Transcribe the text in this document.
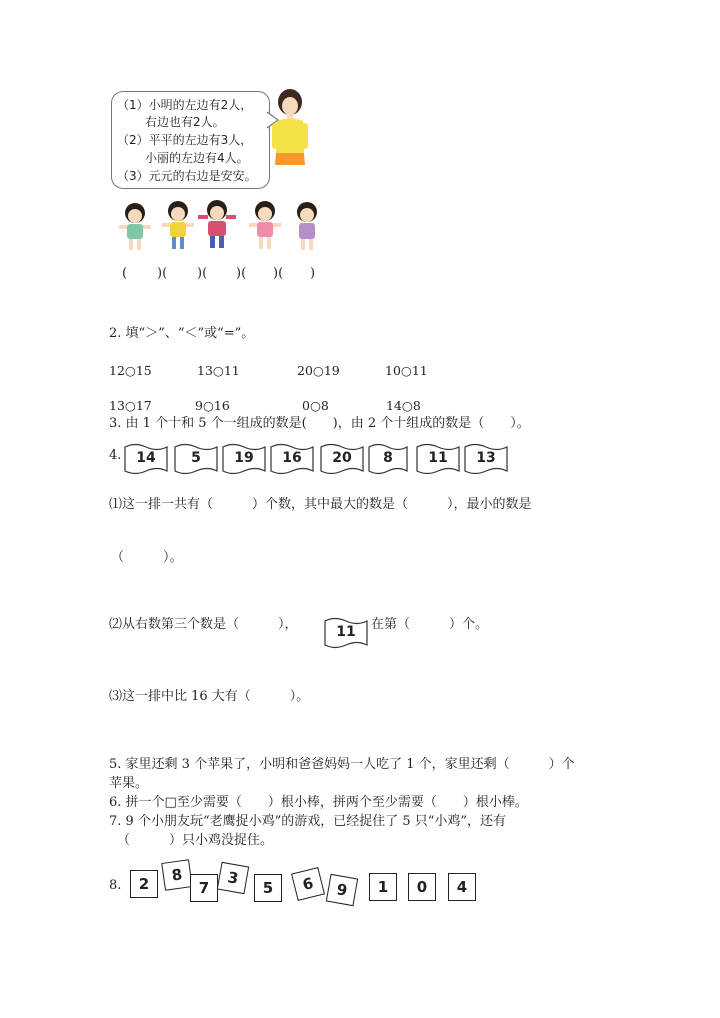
（1）小明的左边有2人，
右边也有2人。
（2）平平的左边有3人，
小丽的左边有4人。
（3）元元的右边是安安。
( )( )( )( )( )
2. 填“＞”、“＜”或“=”。
12○15	13○11	20○19	10○11
13○17	9○16	0○8	14○8
3. 由 1 个十和 5 个一组成的数是(　　)，由 2 个十组成的数是（　　）。
4.	14	5	19	16	20	8	11	13
⑴这一排一共有（　　　）个数，其中最大的数是（　　　），最小的数是
（　　　）。
⑵从右数第三个数是（　　　），	11	在第（　　　）个。
⑶这一排中比 16 大有（　　　）。
5. 家里还剩 3 个苹果了，小明和爸爸妈妈一人吃了 1 个，家里还剩（　　　）个
苹果。
6. 拼一个□至少需要（　　）根小棒，拼两个至少需要（　　）根小棒。
7. 9 个小朋友玩“老鹰捉小鸡”的游戏，已经捉住了 5 只“小鸡”，还有
（　　　）只小鸡没捉住。
8.	2	8
7
3
5	6	9	1	0	4
